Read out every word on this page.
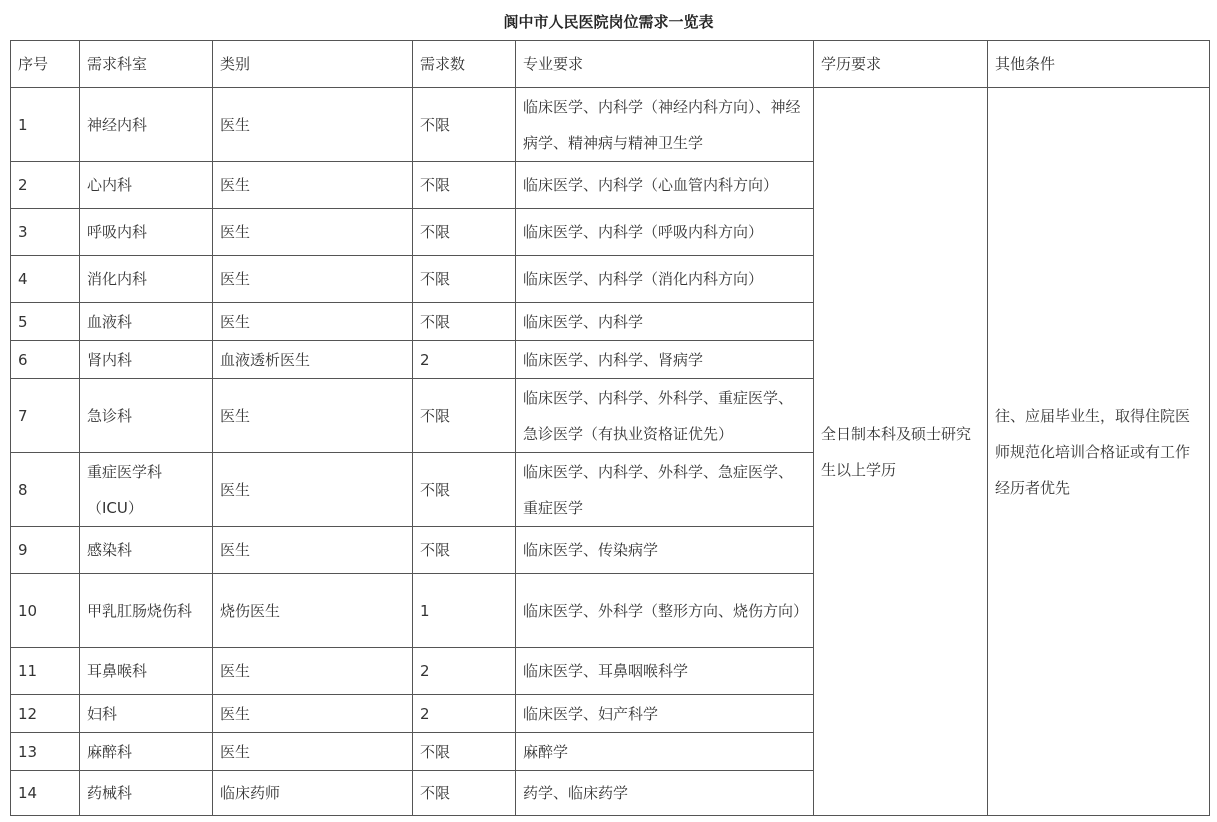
阆中市人民医院岗位需求一览表
序号	需求科室	类别	需求数	专业要求	学历要求	其他条件
1	神经内科	医生	不限	临床医学、内科学（神经内科方向）、神经病学、精神病与精神卫生学	全日制本科及硕士研究生以上学历	往、应届毕业生，取得住院医师规范化培训合格证或有工作经历者优先
2	心内科	医生	不限	临床医学、内科学（心血管内科方向）		
3	呼吸内科	医生	不限	临床医学、内科学（呼吸内科方向）		
4	消化内科	医生	不限	临床医学、内科学（消化内科方向）		
5	血液科	医生	不限	临床医学、内科学		
6	肾内科	血液透析医生	2	临床医学、内科学、肾病学		
7	急诊科	医生	不限	临床医学、内科学、外科学、重症医学、急诊医学（有执业资格证优先）		
8	重症医学科（ICU）	医生	不限	临床医学、内科学、外科学、急症医学、重症医学		
9	感染科	医生	不限	临床医学、传染病学		
10	甲乳肛肠烧伤科	烧伤医生	1	临床医学、外科学（整形方向、烧伤方向）		
11	耳鼻喉科	医生	2	临床医学、耳鼻咽喉科学		
12	妇科	医生	2	临床医学、妇产科学		
13	麻醉科	医生	不限	麻醉学		
14	药械科	临床药师	不限	药学、临床药学		
